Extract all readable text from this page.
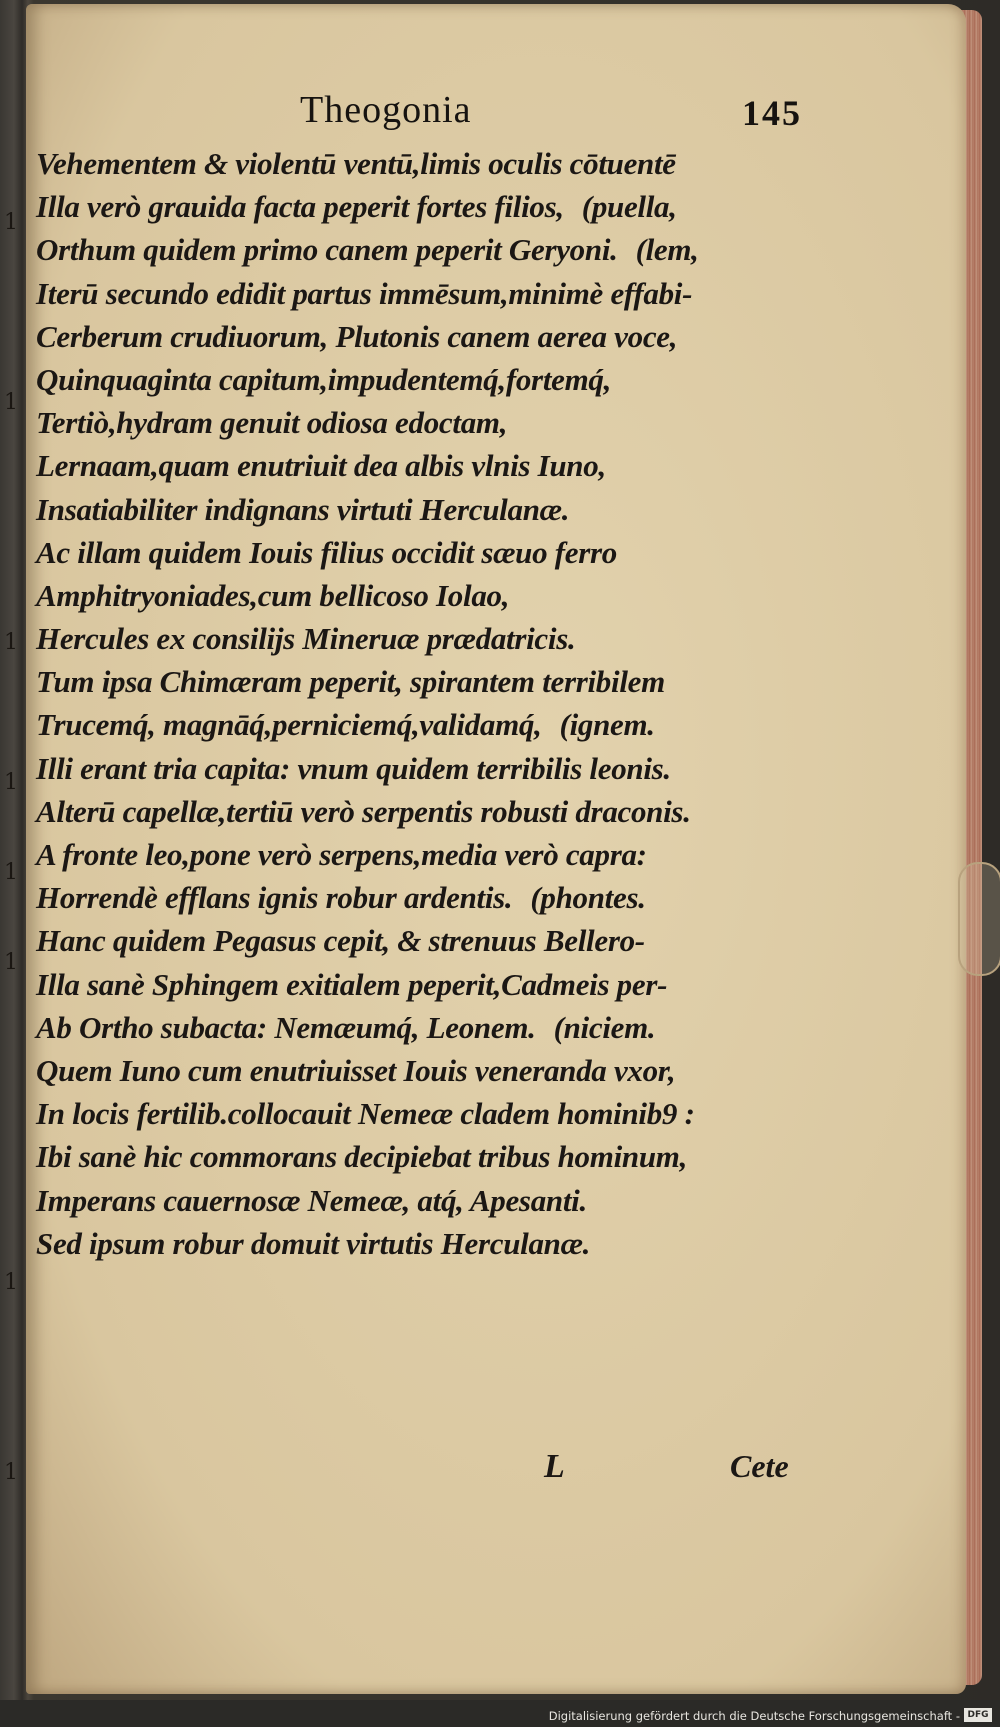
1
1
1
1
1
1
1
1
Theogonia	145
Vehementem & violentū ventū,limis oculis cōtuentē
Illa verò grauida facta peperit fortes filios, (puella,
Orthum quidem primo canem peperit Geryoni. (lem,
Iterū secundo edidit partus immēsum,minimè effabi-
Cerberum crudiuorum, Plutonis canem aerea voce,
Quinquaginta capitum,impudentemq́,fortemq́,
Tertiò,hydram genuit odiosa edoctam,
Lernaam,quam enutriuit dea albis vlnis Iuno,
Insatiabiliter indignans virtuti Herculanæ.
Ac illam quidem Iouis filius occidit sæuo ferro
Amphitryoniades,cum bellicoso Iolao,
Hercules ex consilijs Mineruæ prædatricis.
Tum ipsa Chimæram peperit, spirantem terribilem
Trucemq́, magnāq́,perniciemq́,validamq́, (ignem.
Illi erant tria capita: vnum quidem terribilis leonis.
Alterū capellæ,tertiū verò serpentis robusti draconis.
A fronte leo,pone verò serpens,media verò capra:
Horrendè efflans ignis robur ardentis. (phontes.
Hanc quidem Pegasus cepit, & strenuus Bellero-
Illa sanè Sphingem exitialem peperit,Cadmeis per-
Ab Ortho subacta: Nemæumq́, Leonem. (niciem.
Quem Iuno cum enutriuisset Iouis veneranda vxor,
In locis fertilib.collocauit Nemeæ cladem hominib9 :
Ibi sanè hic commorans decipiebat tribus hominum,
Imperans cauernosæ Nemeæ, atq́, Apesanti.
Sed ipsum robur domuit virtutis Herculanæ.
L	Cete
Digitalisierung gefördert durch die Deutsche Forschungsgemeinschaft - DFG
